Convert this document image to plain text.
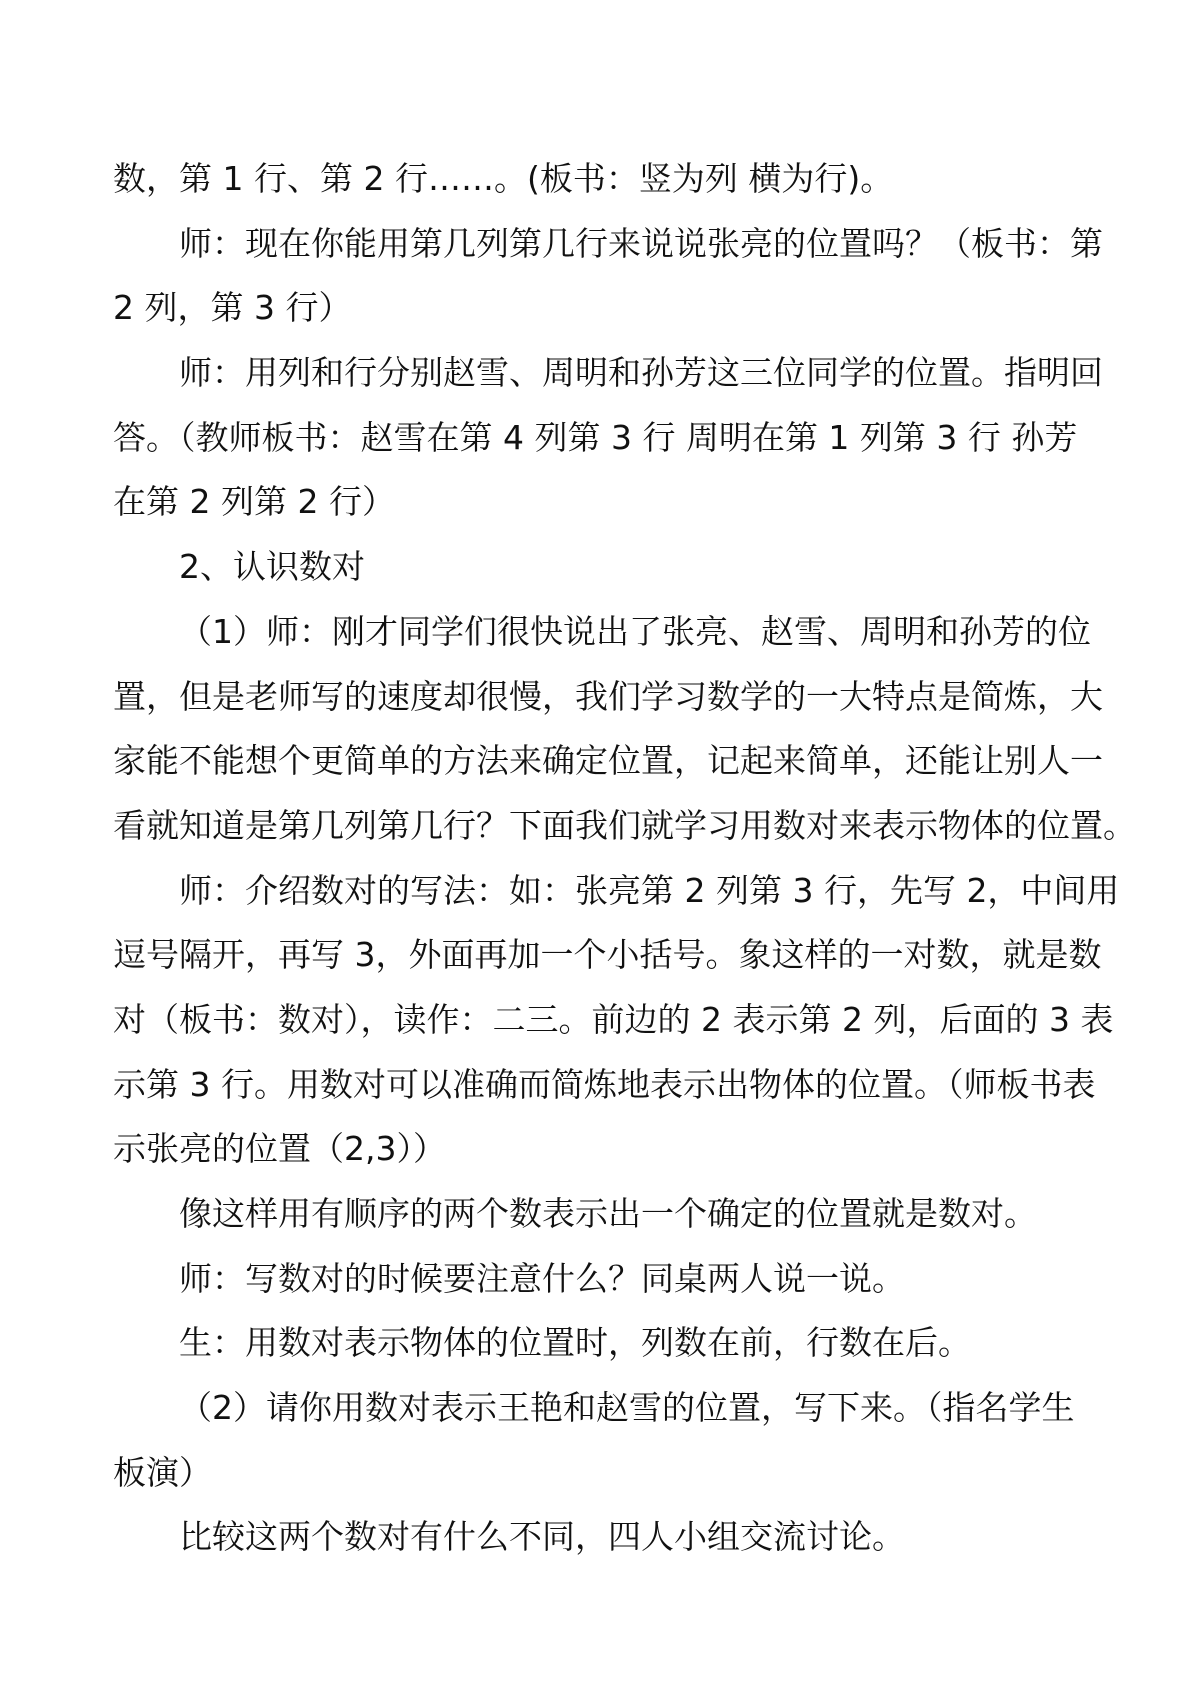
数，第 1 行、第 2 行……。(板书：竖为列 横为行)。
师：现在你能用第几列第几行来说说张亮的位置吗？（板书：第
2 列，第 3 行）
师：用列和行分别赵雪、周明和孙芳这三位同学的位置。指明回
答。（教师板书：赵雪在第 4 列第 3 行 周明在第 1 列第 3 行 孙芳
在第 2 列第 2 行）
2、认识数对
（1）师：刚才同学们很快说出了张亮、赵雪、周明和孙芳的位
置，但是老师写的速度却很慢，我们学习数学的一大特点是简炼，大
家能不能想个更简单的方法来确定位置，记起来简单，还能让别人一
看就知道是第几列第几行？下面我们就学习用数对来表示物体的位置。
师：介绍数对的写法：如：张亮第 2 列第 3 行，先写 2，中间用
逗号隔开，再写 3，外面再加一个小括号。象这样的一对数，就是数
对（板书：数对），读作：二三。前边的 2 表示第 2 列，后面的 3 表
示第 3 行。用数对可以准确而简炼地表示出物体的位置。（师板书表
示张亮的位置（2,3））
像这样用有顺序的两个数表示出一个确定的位置就是数对。
师：写数对的时候要注意什么？同桌两人说一说。
生：用数对表示物体的位置时，列数在前，行数在后。
（2）请你用数对表示王艳和赵雪的位置，写下来。（指名学生
板演）
比较这两个数对有什么不同，四人小组交流讨论。
